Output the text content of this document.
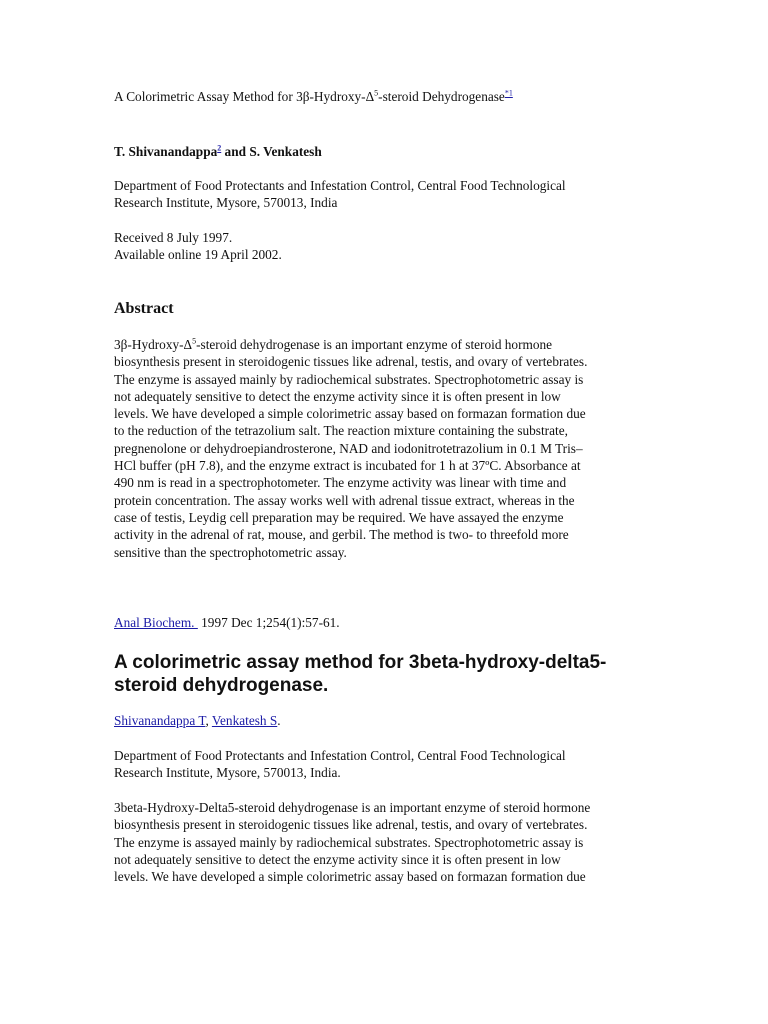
A Colorimetric Assay Method for $3\beta-Hydroxy-\Delta^5$-steroid Dehydrogenase$^{*1}$
T. Shivanandappa$^2$ and S. Venkatesh

Department of Food Protectants and Infestation Control, Central Food Technological

Research Institute, Mysore, 570013, India

Received 8 July 1997.

Available online 19 April 2002.

Abstract

$3\beta-Hydroxy-\Delta^5$-steroid dehydrogenase is an important enzyme of steroid hormone

biosynthesis present in steroidogenic tissues like adrenal, testis, and ovary of vertebrates.

The enzyme is assayed mainly by radiochemical substrates. Spectrophotometric assay is

not adequately sensitive to detect the enzyme activity since it is often present in low

levels. We have developed a simple colorimetric assay based on formazan formation due

to the reduction of the tetrazolium salt. The reaction mixture containing the substrate,

pregnenolone or dehydroepiandrosterone, NAD and iodonitrotetrazolium in 0.1 M Tris–

HCl buffer (pH 7.8), and the enzyme extract is incubated for 1 h at 37ºC. Absorbance at

490 nm is read in a spectrophotometer. The enzyme activity was linear with time and

protein concentration. The assay works well with adrenal tissue extract, whereas in the

case of testis, Leydig cell preparation may be required. We have assayed the enzyme

activity in the adrenal of rat, mouse, and gerbil. The method is two- to threefold more

sensitive than the spectrophotometric assay.

Anal Biochem.  1997 Dec 1;254(1):57-61.
A colorimetric assay method for 3beta-hydroxy-delta5-
steroid dehydrogenase.
Shivanandappa T, Venkatesh S.

Department of Food Protectants and Infestation Control, Central Food Technological

Research Institute, Mysore, 570013, India.

3beta-Hydroxy-Delta5-steroid dehydrogenase is an important enzyme of steroid hormone

biosynthesis present in steroidogenic tissues like adrenal, testis, and ovary of vertebrates.

The enzyme is assayed mainly by radiochemical substrates. Spectrophotometric assay is

not adequately sensitive to detect the enzyme activity since it is often present in low

levels. We have developed a simple colorimetric assay based on formazan formation due
